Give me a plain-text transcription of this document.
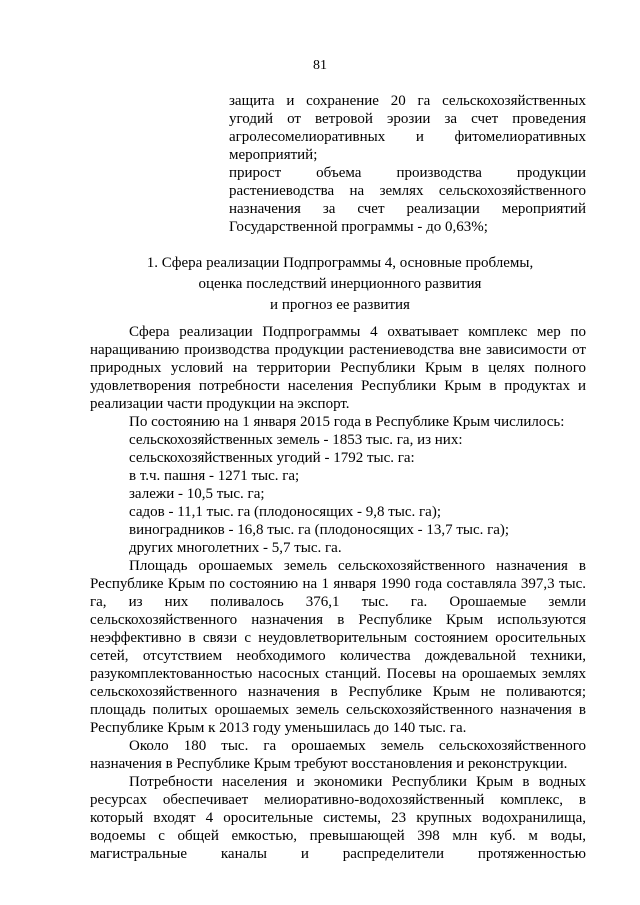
81

защита и сохранение 20 га сельскохозяйственных угодий от ветровой эрозии за счет проведения агролесомелиоративных и фитомелиоративных мероприятий;

прирост объема производства продукции растениеводства на землях сельскохозяйственного назначения за счет реализации мероприятий Государственной программы - до 0,63%;

1. Сфера реализации Подпрограммы 4, основные проблемы,
оценка последствий инерционного развития
и прогноз ее развития

Сфера реализации Подпрограммы 4 охватывает комплекс мер по наращиванию производства продукции растениеводства вне зависимости от природных условий на территории Республики Крым в целях полного удовлетворения потребности населения Республики Крым в продуктах и реализации части продукции на экспорт.

По состоянию на 1 января 2015 года в Республике Крым числилось:

сельскохозяйственных земель - 1853 тыс. га, из них:

сельскохозяйственных угодий - 1792 тыс. га:

в т.ч. пашня - 1271 тыс. га;

залежи - 10,5 тыс. га;

садов - 11,1 тыс. га (плодоносящих - 9,8 тыс. га);

виноградников - 16,8 тыс. га (плодоносящих - 13,7 тыс. га);

других многолетних - 5,7 тыс. га.

Площадь орошаемых земель сельскохозяйственного назначения в Республике Крым по состоянию на 1 января 1990 года составляла 397,3 тыс. га, из них поливалось 376,1 тыс. га. Орошаемые земли сельскохозяйственного назначения в Республике Крым используются неэффективно в связи с неудовлетворительным состоянием оросительных сетей, отсутствием необходимого количества дождевальной техники, разукомплектованностью насосных станций. Посевы на орошаемых землях сельскохозяйственного назначения в Республике Крым не поливаются; площадь политых орошаемых земель сельскохозяйственного назначения в Республике Крым к 2013 году уменьшилась до 140 тыс. га.

Около 180 тыс. га орошаемых земель сельскохозяйственного назначения в Республике Крым требуют восстановления и реконструкции.

Потребности населения и экономики Республики Крым в водных ресурсах обеспечивает мелиоративно-водохозяйственный комплекс, в который входят 4 оросительные системы, 23 крупных водохранилища, водоемы с общей емкостью, превышающей 398 млн куб. м воды, магистральные каналы и распределители протяженностью
